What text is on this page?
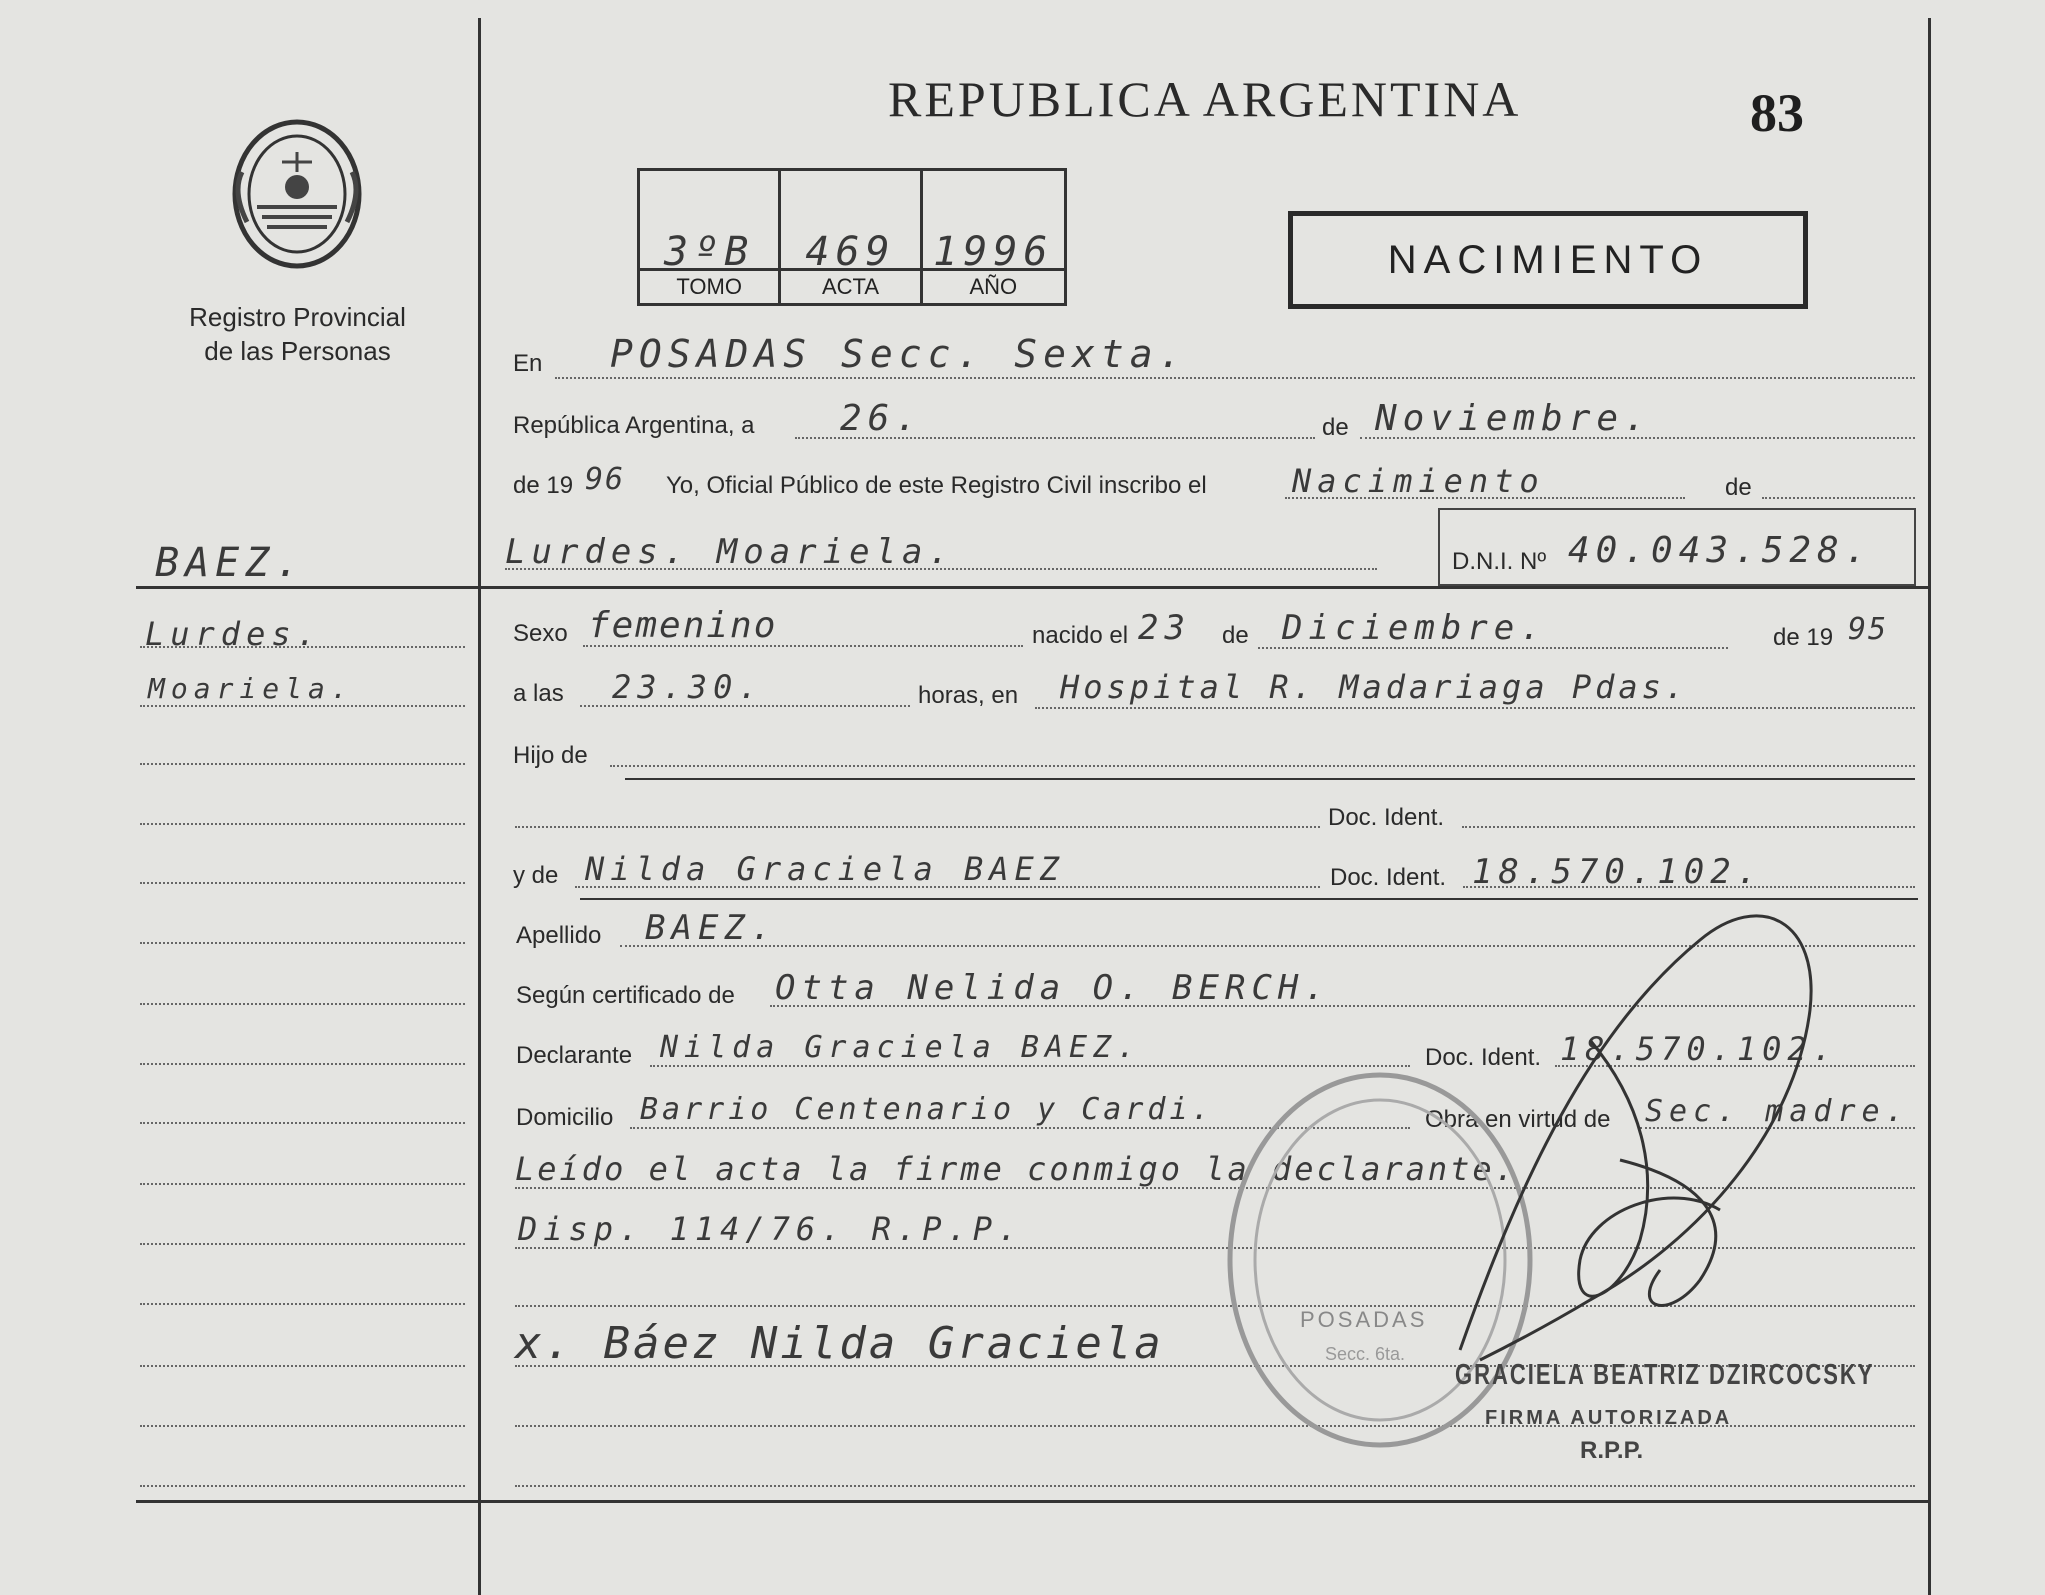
Registro Provincial
de las Personas
REPUBLICA ARGENTINA	83
3ºB
TOMO
469
ACTA
1996
AÑO
NACIMIENTO
BAEZ.
Lurdes.
Moariela.
En POSADAS Secc. Sexta.
República Argentina, a 26.	de Noviembre.
de 19 96 Yo, Oficial Público de este Registro Civil inscribo el	Nacimiento	de
Lurdes. Moariela.	D.N.I. Nº 40.043.528.
Sexo femenino	nacido el 23 de Diciembre.	de 19 95
a las 23.30.	horas, en Hospital R. Madariaga Pdas.
Hijo de
Doc. Ident.
y de Nilda Graciela BAEZ	Doc. Ident. 18.570.102.
Apellido BAEZ.
Según certificado de Otta Nelida O. BERCH.
Declarante Nilda Graciela BAEZ.	Doc. Ident. 18.570.102.
Domicilio Barrio Centenario y Cardi.	Obra en virtud de Sec. madre.
Leído el acta la firme conmigo la declarante.
Disp. 114/76. R.P.P.
x. Báez Nilda Graciela	POSADAS
Secc. 6ta.
GRACIELA BEATRIZ DZIRCOCSKY
FIRMA AUTORIZADA
R.P.P.
